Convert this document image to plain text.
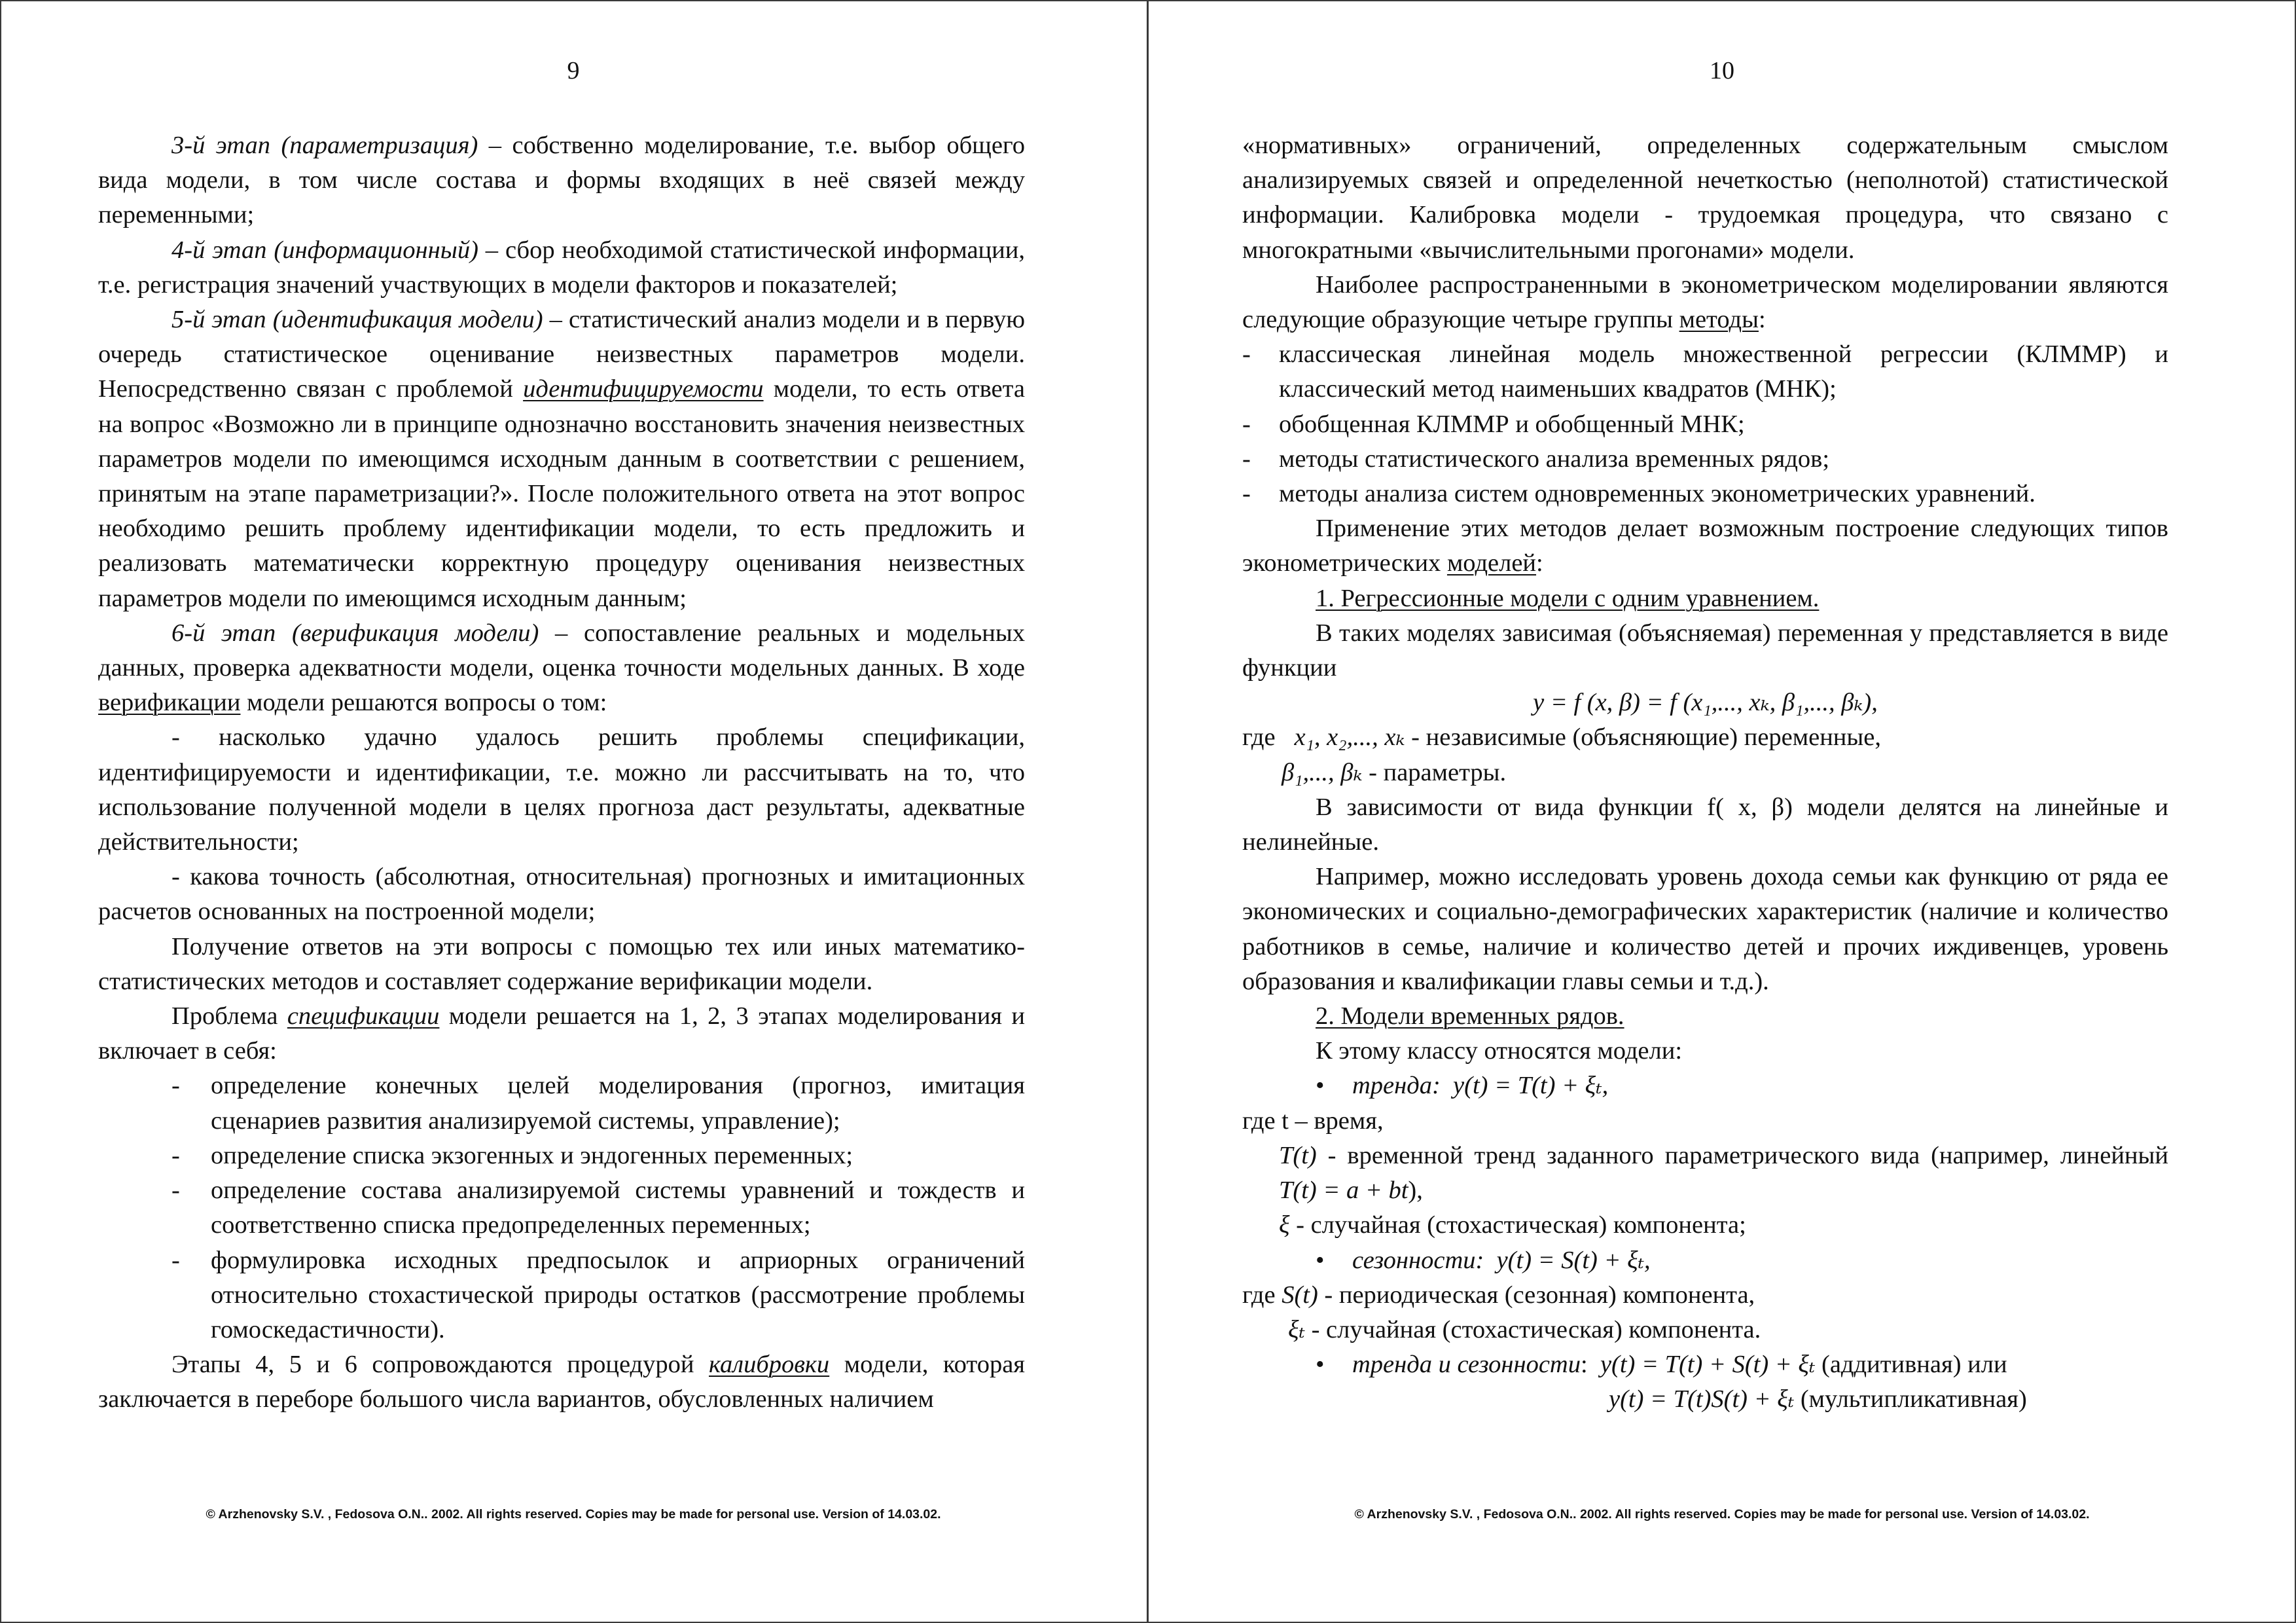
9

3-й этап (параметризация) – собственно моделирование, т.е. выбор общего вида модели, в том числе состава и формы входящих в неё связей между переменными;

4-й этап (информационный) – сбор необходимой статистической информации, т.е. регистрация значений участвующих в модели факторов и показателей;

5-й этап (идентификация модели) – статистический анализ модели и в первую очередь статистическое оценивание неизвестных параметров модели. Непосредственно связан с проблемой идентифицируемости модели, то есть ответа на вопрос «Возможно ли в принципе однозначно восстановить значения неизвестных параметров модели по имеющимся исходным данным в соответствии с решением, принятым на этапе параметризации?». После положительного ответа на этот вопрос необходимо решить проблему идентификации модели, то есть предложить и реализовать математически корректную процедуру оценивания неизвестных параметров модели по имеющимся исходным данным;

6-й этап (верификация модели) – сопоставление реальных и модельных данных, проверка адекватности модели, оценка точности модельных данных. В ходе верификации модели решаются вопросы о том:

- насколько удачно удалось решить проблемы спецификации, идентифицируемости и идентификации, т.е. можно ли рассчитывать на то, что использование полученной модели в целях прогноза даст результаты, адекватные действительности;

- какова точность (абсолютная, относительная) прогнозных и имитационных расчетов основанных на построенной модели;

Получение ответов на эти вопросы с помощью тех или иных математико-статистических методов и составляет содержание верификации модели.

Проблема спецификации модели решается на 1, 2, 3 этапах моделирования и включает в себя:

- определение конечных целей моделирования (прогноз, имитация сценариев развития анализируемой системы, управление);
- определение списка экзогенных и эндогенных переменных;
- определение состава анализируемой системы уравнений и тождеств и соответственно списка предопределенных переменных;
- формулировка исходных предпосылок и априорных ограничений относительно стохастической природы остатков (рассмотрение проблемы гомоскедастичности).

Этапы 4, 5 и 6 сопровождаются процедурой калибровки модели, которая заключается в переборе большого числа вариантов, обусловленных наличием

© Arzhenovsky S.V. , Fedosova O.N.. 2002. All rights reserved. Copies may be made for personal use. Version of 14.03.02.
10

«нормативных» ограничений, определенных содержательным смыслом анализируемых связей и определенной нечеткостью (неполнотой) статистической информации. Калибровка модели - трудоемкая процедура, что связано с многократными «вычислительными прогонами» модели.

Наиболее распространенными в эконометрическом моделировании являются следующие образующие четыре группы методы:

- классическая линейная модель множественной регрессии (КЛММР) и классический метод наименьших квадратов (МНК);
- обобщенная КЛММР и обобщенный МНК;
- методы статистического анализа временных рядов;
- методы анализа систем одновременных эконометрических уравнений.

Применение этих методов делает возможным построение следующих типов эконометрических моделей:

1. Регрессионные модели с одним уравнением.

В таких моделях зависимая (объясняемая) переменная y представляется в виде функции

y = f (x, β) = f (x₁,..., xₖ, β₁,..., βₖ),

где x₁, x₂,..., xₖ - независимые (объясняющие) переменные,

β₁,..., βₖ - параметры.

В зависимости от вида функции f( x, β) модели делятся на линейные и нелинейные.

Например, можно исследовать уровень дохода семьи как функцию от ряда ее экономических и социально-демографических характеристик (наличие и количество работников в семье, наличие и количество детей и прочих иждивенцев, уровень образования и квалификации главы семьи и т.д.).

2. Модели временных рядов.

К этому классу относятся модели:

• тренда: y(t) = T(t) + ξₜ,

где t – время,

T(t) - временной тренд заданного параметрического вида (например, линейный T(t) = a + bt),

ξ - случайная (стохастическая) компонента;

• сезонности: y(t) = S(t) + ξₜ,

где S(t) - периодическая (сезонная) компонента,

ξₜ - случайная (стохастическая) компонента.

• тренда и сезонности:  y(t) = T(t) + S(t) + ξₜ (аддитивная) или

y(t) = T(t)S(t) + ξₜ (мультипликативная)

© Arzhenovsky S.V. , Fedosova O.N.. 2002. All rights reserved. Copies may be made for personal use. Version of 14.03.02.
